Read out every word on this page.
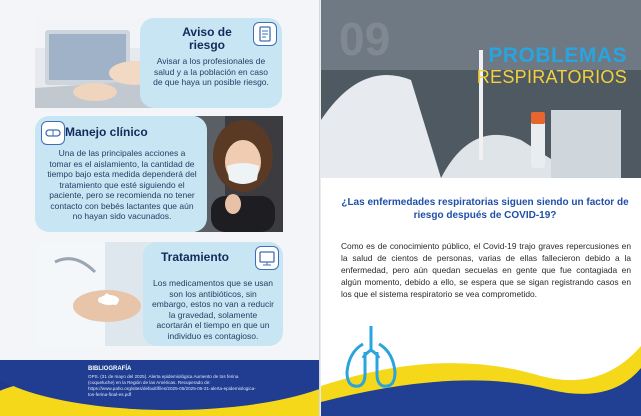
Aviso de riesgo
Avisar a los profesionales de salud y a la población en caso de que haya un posible riesgo.
Manejo clínico
Una de las principales acciones a tomar es el aislamiento, la cantidad de tiempo bajo esta medida dependerá del tratamiento que esté siguiendo el paciente, pero se recomienda no tener contacto con bebés lactantes que aún no hayan sido vacunados.
Tratamiento
Los medicamentos que se usan son los antibióticos, sin embargo, estos no van a reducir la gravedad, solamente acortarán el tiempo en que un individuo es contagioso.
BIBLIOGRAFÍA
OPS. (31 de mayo del 2025). Alerta epidemiológica Aumento de tos ferina (coqueluche) en la Región de las Américas. Recuperado de: https://www.paho.org/sites/default/files/2025-05/2025-05-31-alerta-epidemiologica-tos-ferina-final-es.pdf
09	PROBLEMAS
RESPIRATORIOS
¿Las enfermedades respiratorias siguen siendo un factor de riesgo después de COVID-19?
Como es de conocimiento público, el Covid-19 trajo graves repercusiones en la salud de cientos de personas, varias de ellas fallecieron debido a la enfermedad, pero aún quedan secuelas en gente que fue contagiada en algún momento, debido a ello, se espera que se sigan registrando casos en los que el sistema respiratorio se vea comprometido.
